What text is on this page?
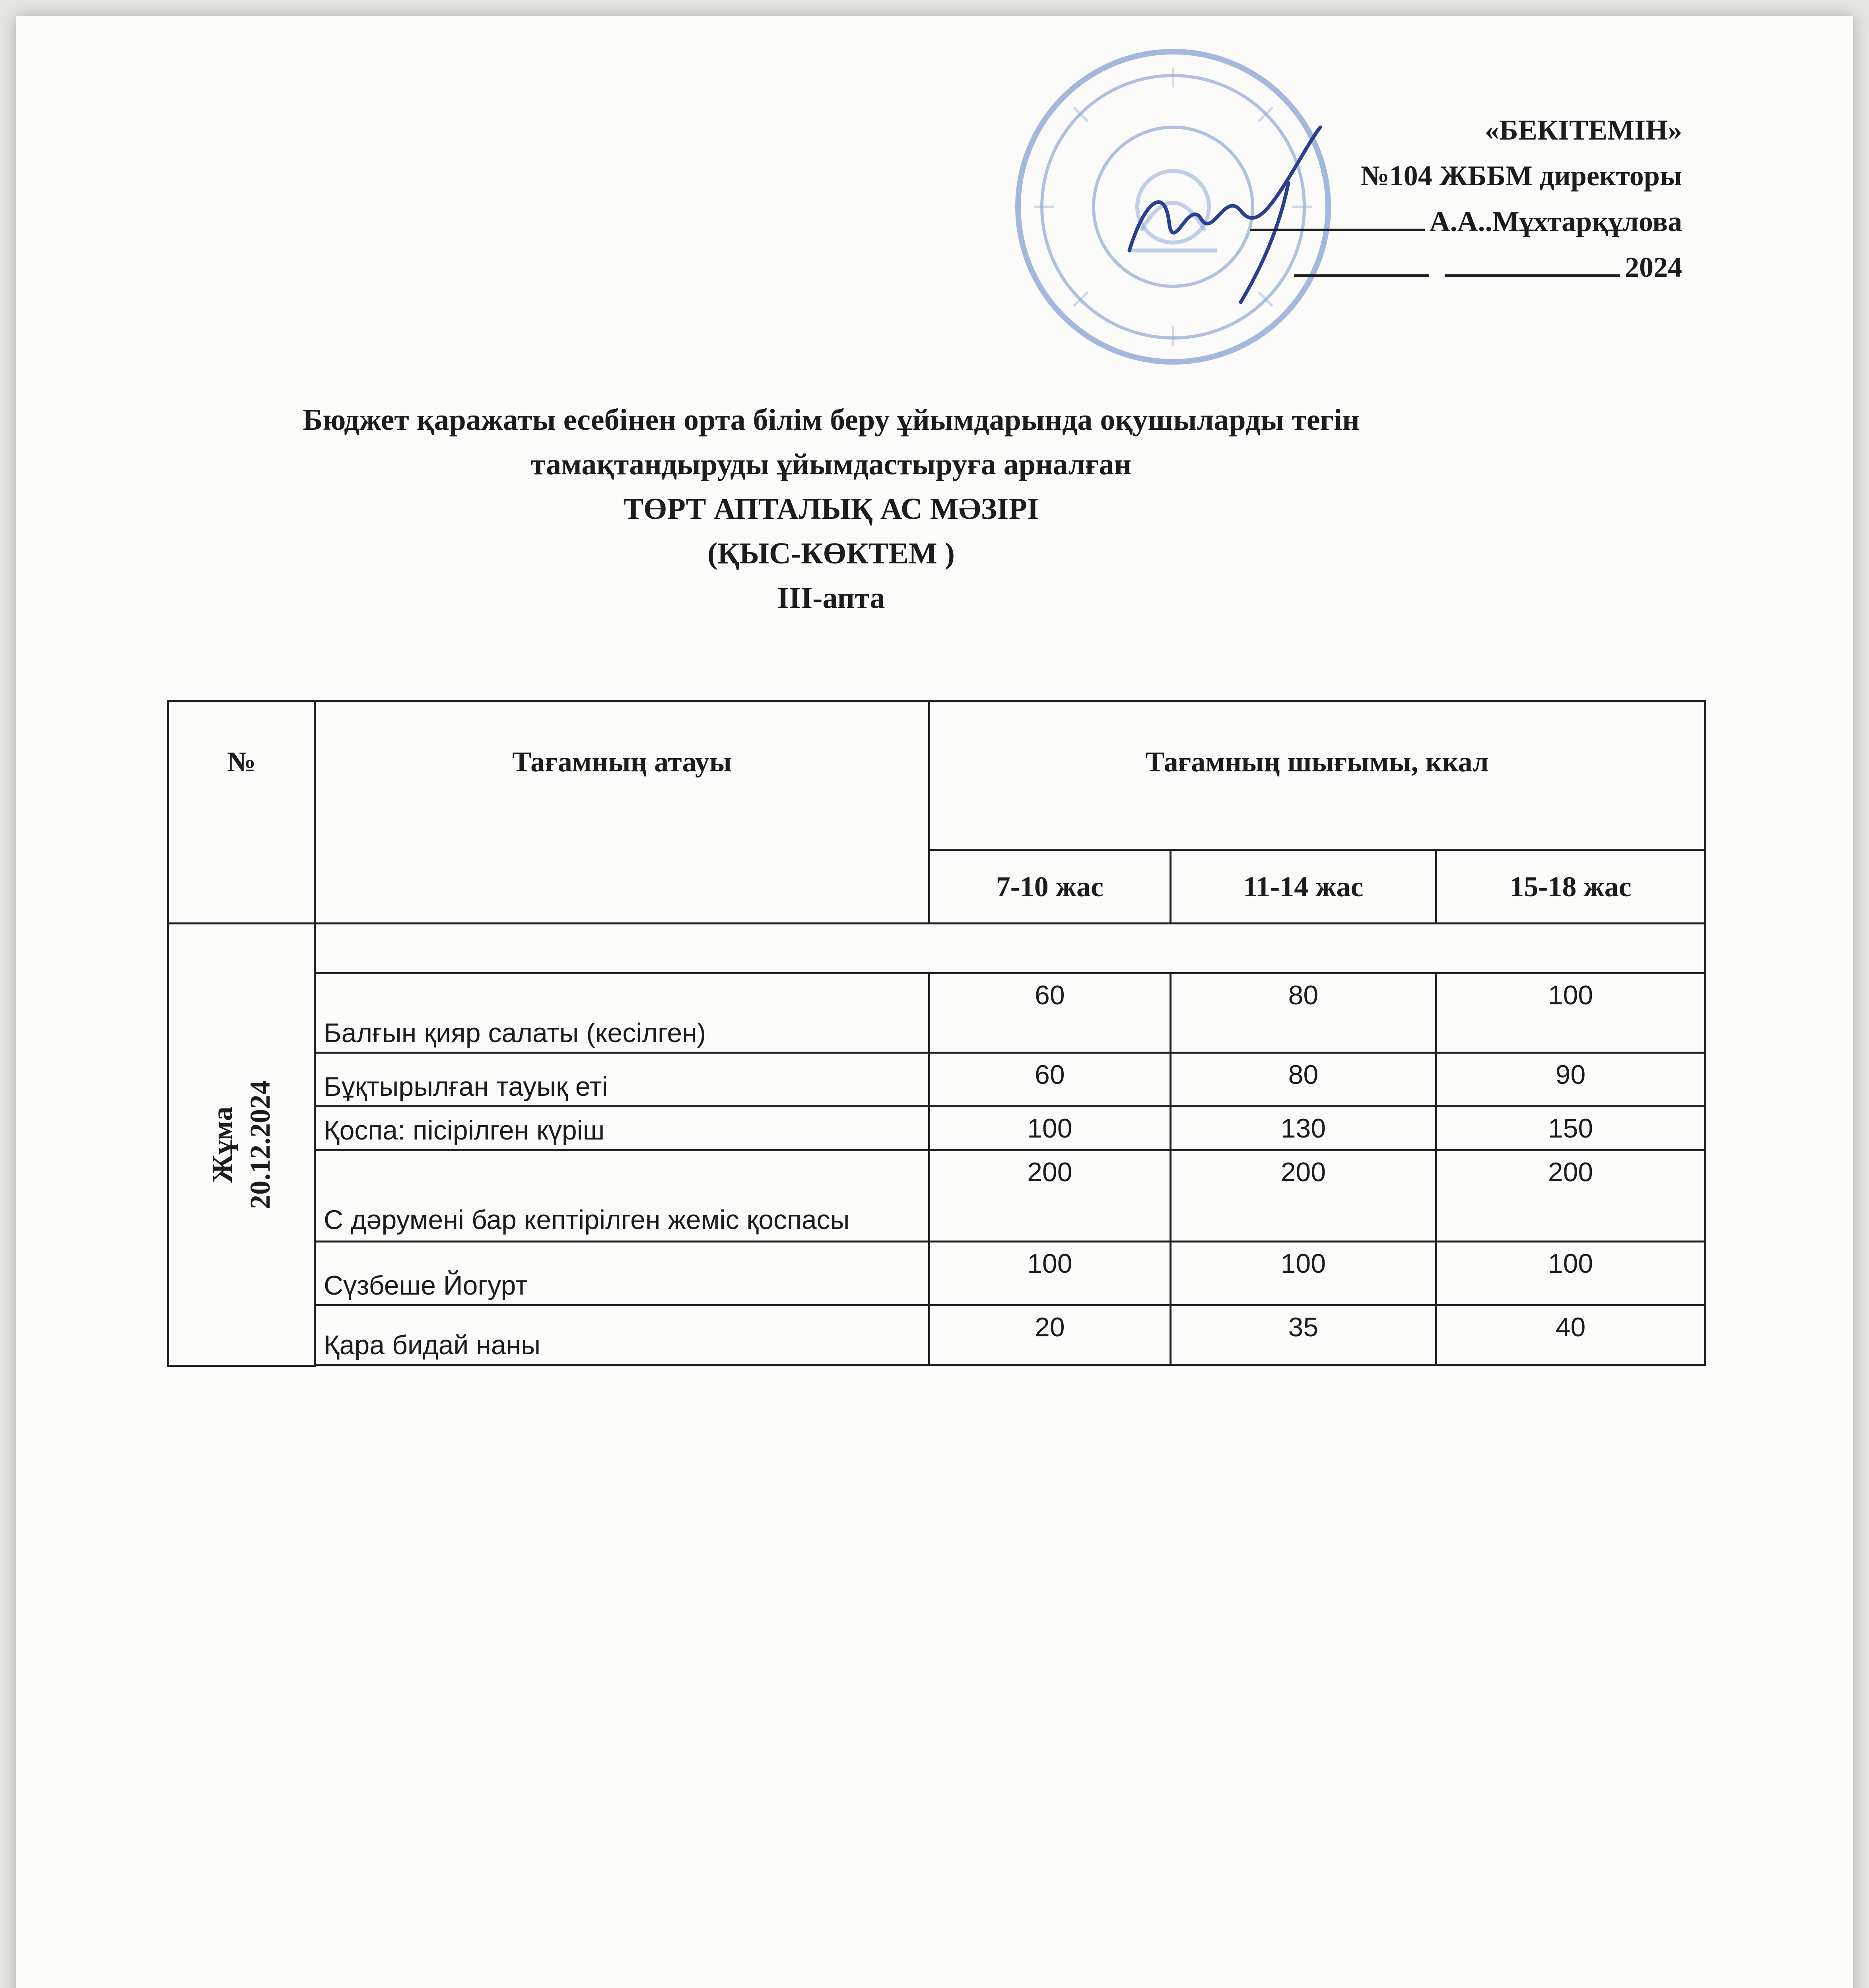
«БЕКІТЕМІН»
№104 ЖББМ директоры
А.А..Мұхтарқұлова
2024
Бюджет қаражаты есебінен орта білім беру ұйымдарында оқушыларды тегін
тамақтандыруды ұйымдастыруға арналған
ТӨРТ АПТАЛЫҚ АС МӘЗІРІ
(ҚЫС-КӨКТЕМ )
III-апта
№	Тағамның атауы	Тағамның шығымы, ккал		
		7-10 жас	11-14 жас	15-18 жас
Жұма 20.12.2024				
	Балғын қияр салаты (кесілген)	60	80	100
	Бұқтырылған тауық еті	60	80	90
	Қоспа: пісірілген күріш	100	130	150
	С дәрумені бар кептірілген жеміс қоспасы	200	200	200
	Сүзбеше Йогурт	100	100	100
	Қара бидай наны	20	35	40
